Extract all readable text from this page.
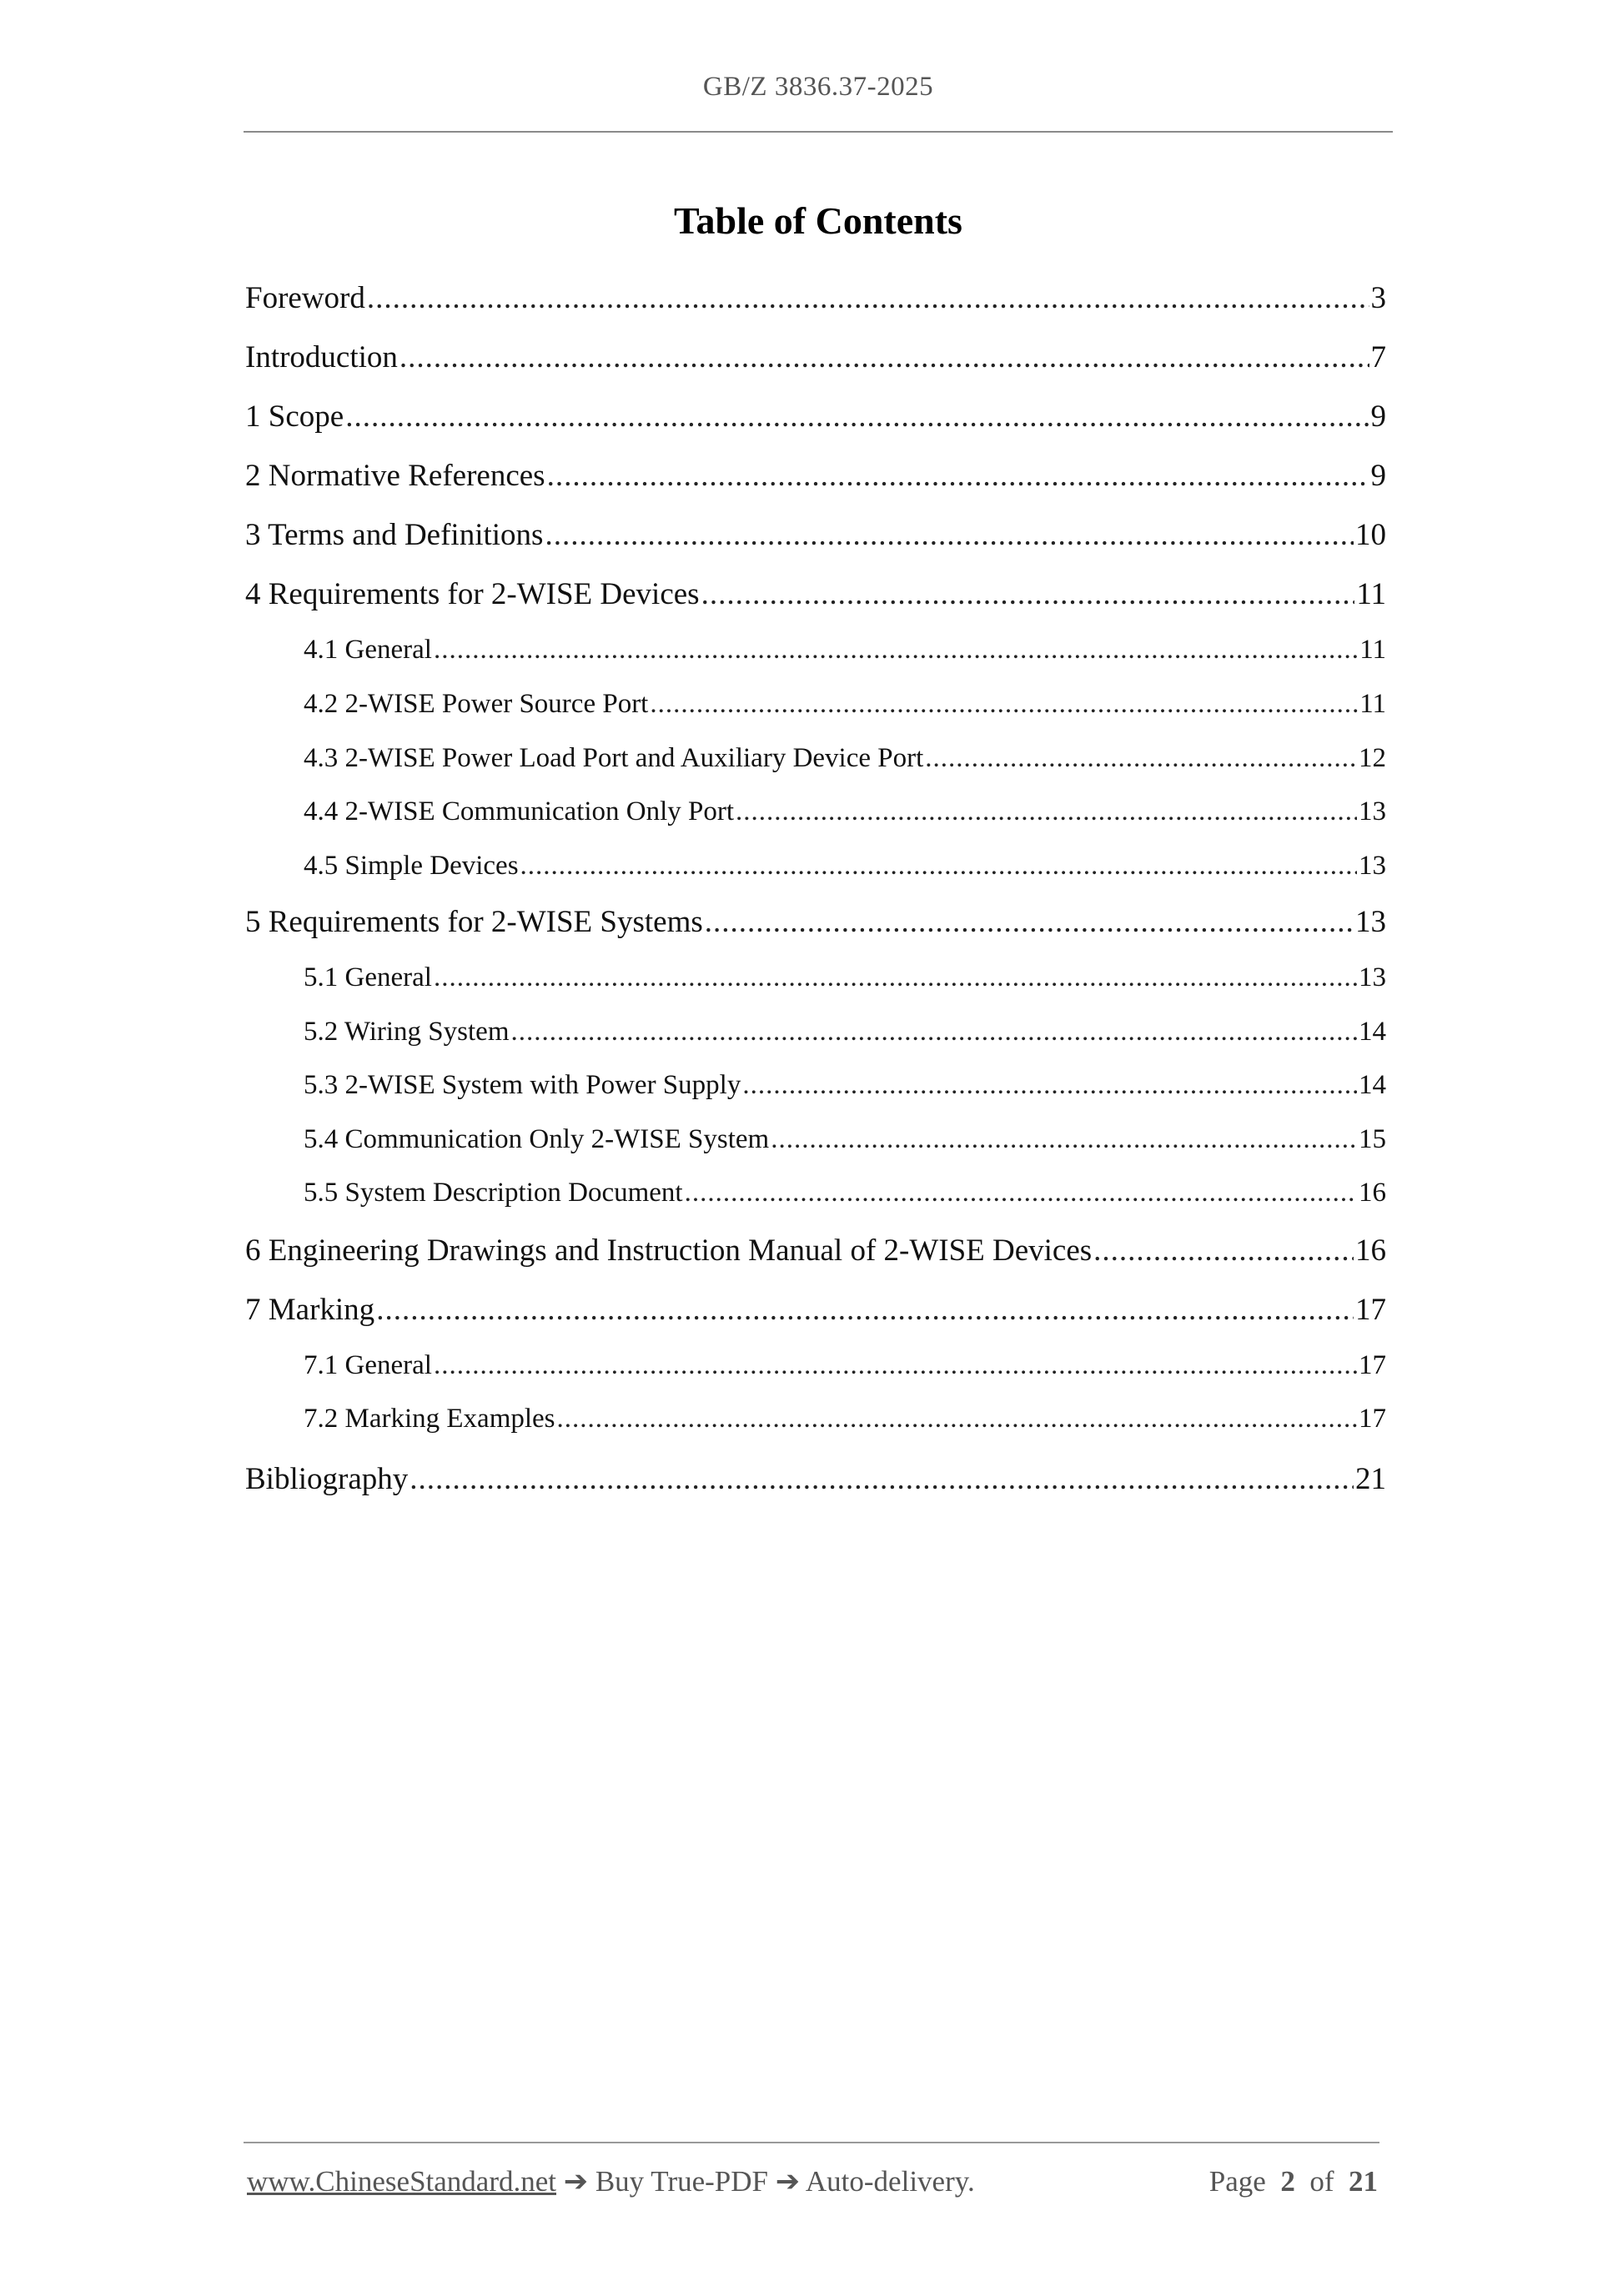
GB/Z 3836.37-2025
Table of Contents
Foreword .....	3
Introduction .....	7
1 Scope .....	9
2 Normative References .....	9
3 Terms and Definitions .....	10
4 Requirements for 2-WISE Devices .....	11
4.1 General .....	11
4.2 2-WISE Power Source Port .....	11
4.3 2-WISE Power Load Port and Auxiliary Device Port .....	12
4.4 2-WISE Communication Only Port .....	13
4.5 Simple Devices .....	13
5 Requirements for 2-WISE Systems .....	13
5.1 General .....	13
5.2 Wiring System .....	14
5.3 2-WISE System with Power Supply .....	14
5.4 Communication Only 2-WISE System .....	15
5.5 System Description Document .....	16
6 Engineering Drawings and Instruction Manual of 2-WISE Devices .....	16
7 Marking .....	17
7.1 General .....	17
7.2 Marking Examples .....	17
Bibliography .....	21
www.ChineseStandard.net ➔ Buy True-PDF ➔ Auto-delivery.	Page 2 of 21
